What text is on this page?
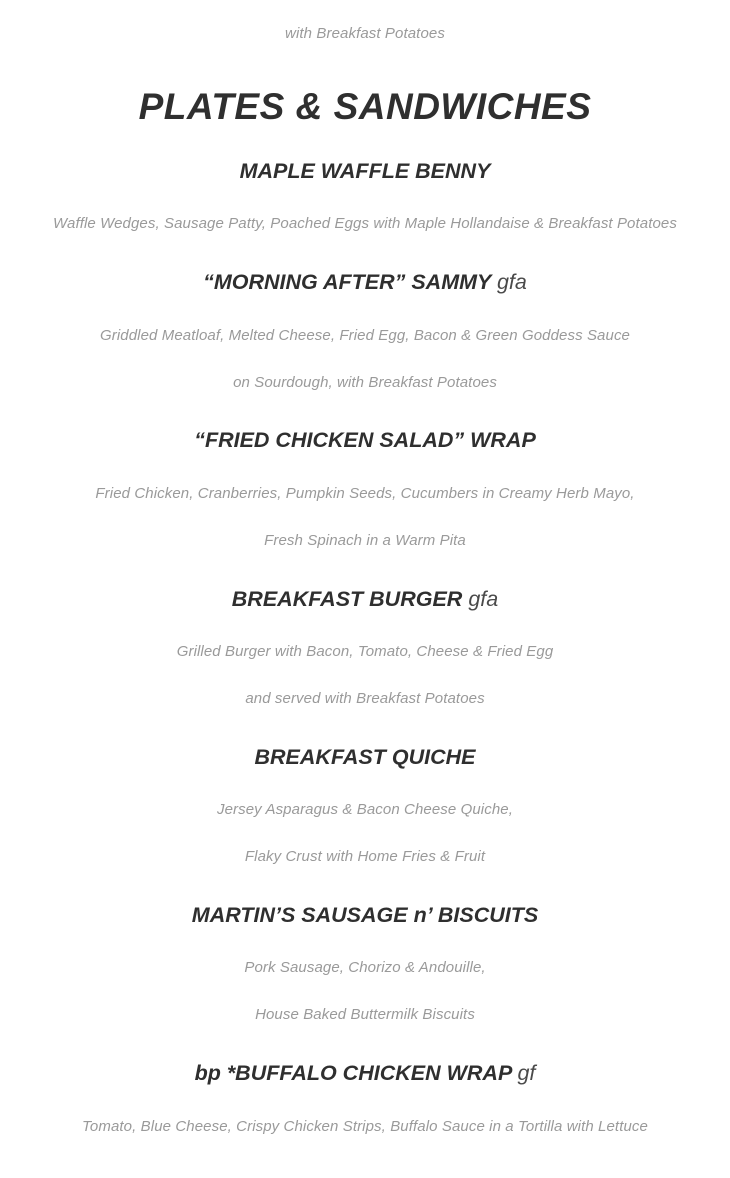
with Breakfast Potatoes
PLATES & SANDWICHES
MAPLE WAFFLE BENNY
Waffle Wedges, Sausage Patty, Poached Eggs with Maple Hollandaise & Breakfast Potatoes
“MORNING AFTER” SAMMY gfa
Griddled Meatloaf, Melted Cheese, Fried Egg, Bacon & Green Goddess Sauce
on Sourdough, with Breakfast Potatoes
“FRIED CHICKEN SALAD” WRAP
Fried Chicken, Cranberries, Pumpkin Seeds, Cucumbers in Creamy Herb Mayo,
Fresh Spinach in a Warm Pita
BREAKFAST BURGER gfa
Grilled Burger with Bacon, Tomato, Cheese & Fried Egg
and served with Breakfast Potatoes
BREAKFAST QUICHE
Jersey Asparagus & Bacon Cheese Quiche,
Flaky Crust with Home Fries & Fruit
MARTIN’S SAUSAGE n’ BISCUITS
Pork Sausage, Chorizo & Andouille,
House Baked Buttermilk Biscuits
bp *BUFFALO CHICKEN WRAP gf
Tomato, Blue Cheese, Crispy Chicken Strips, Buffalo Sauce in a Tortilla with Lettuce
